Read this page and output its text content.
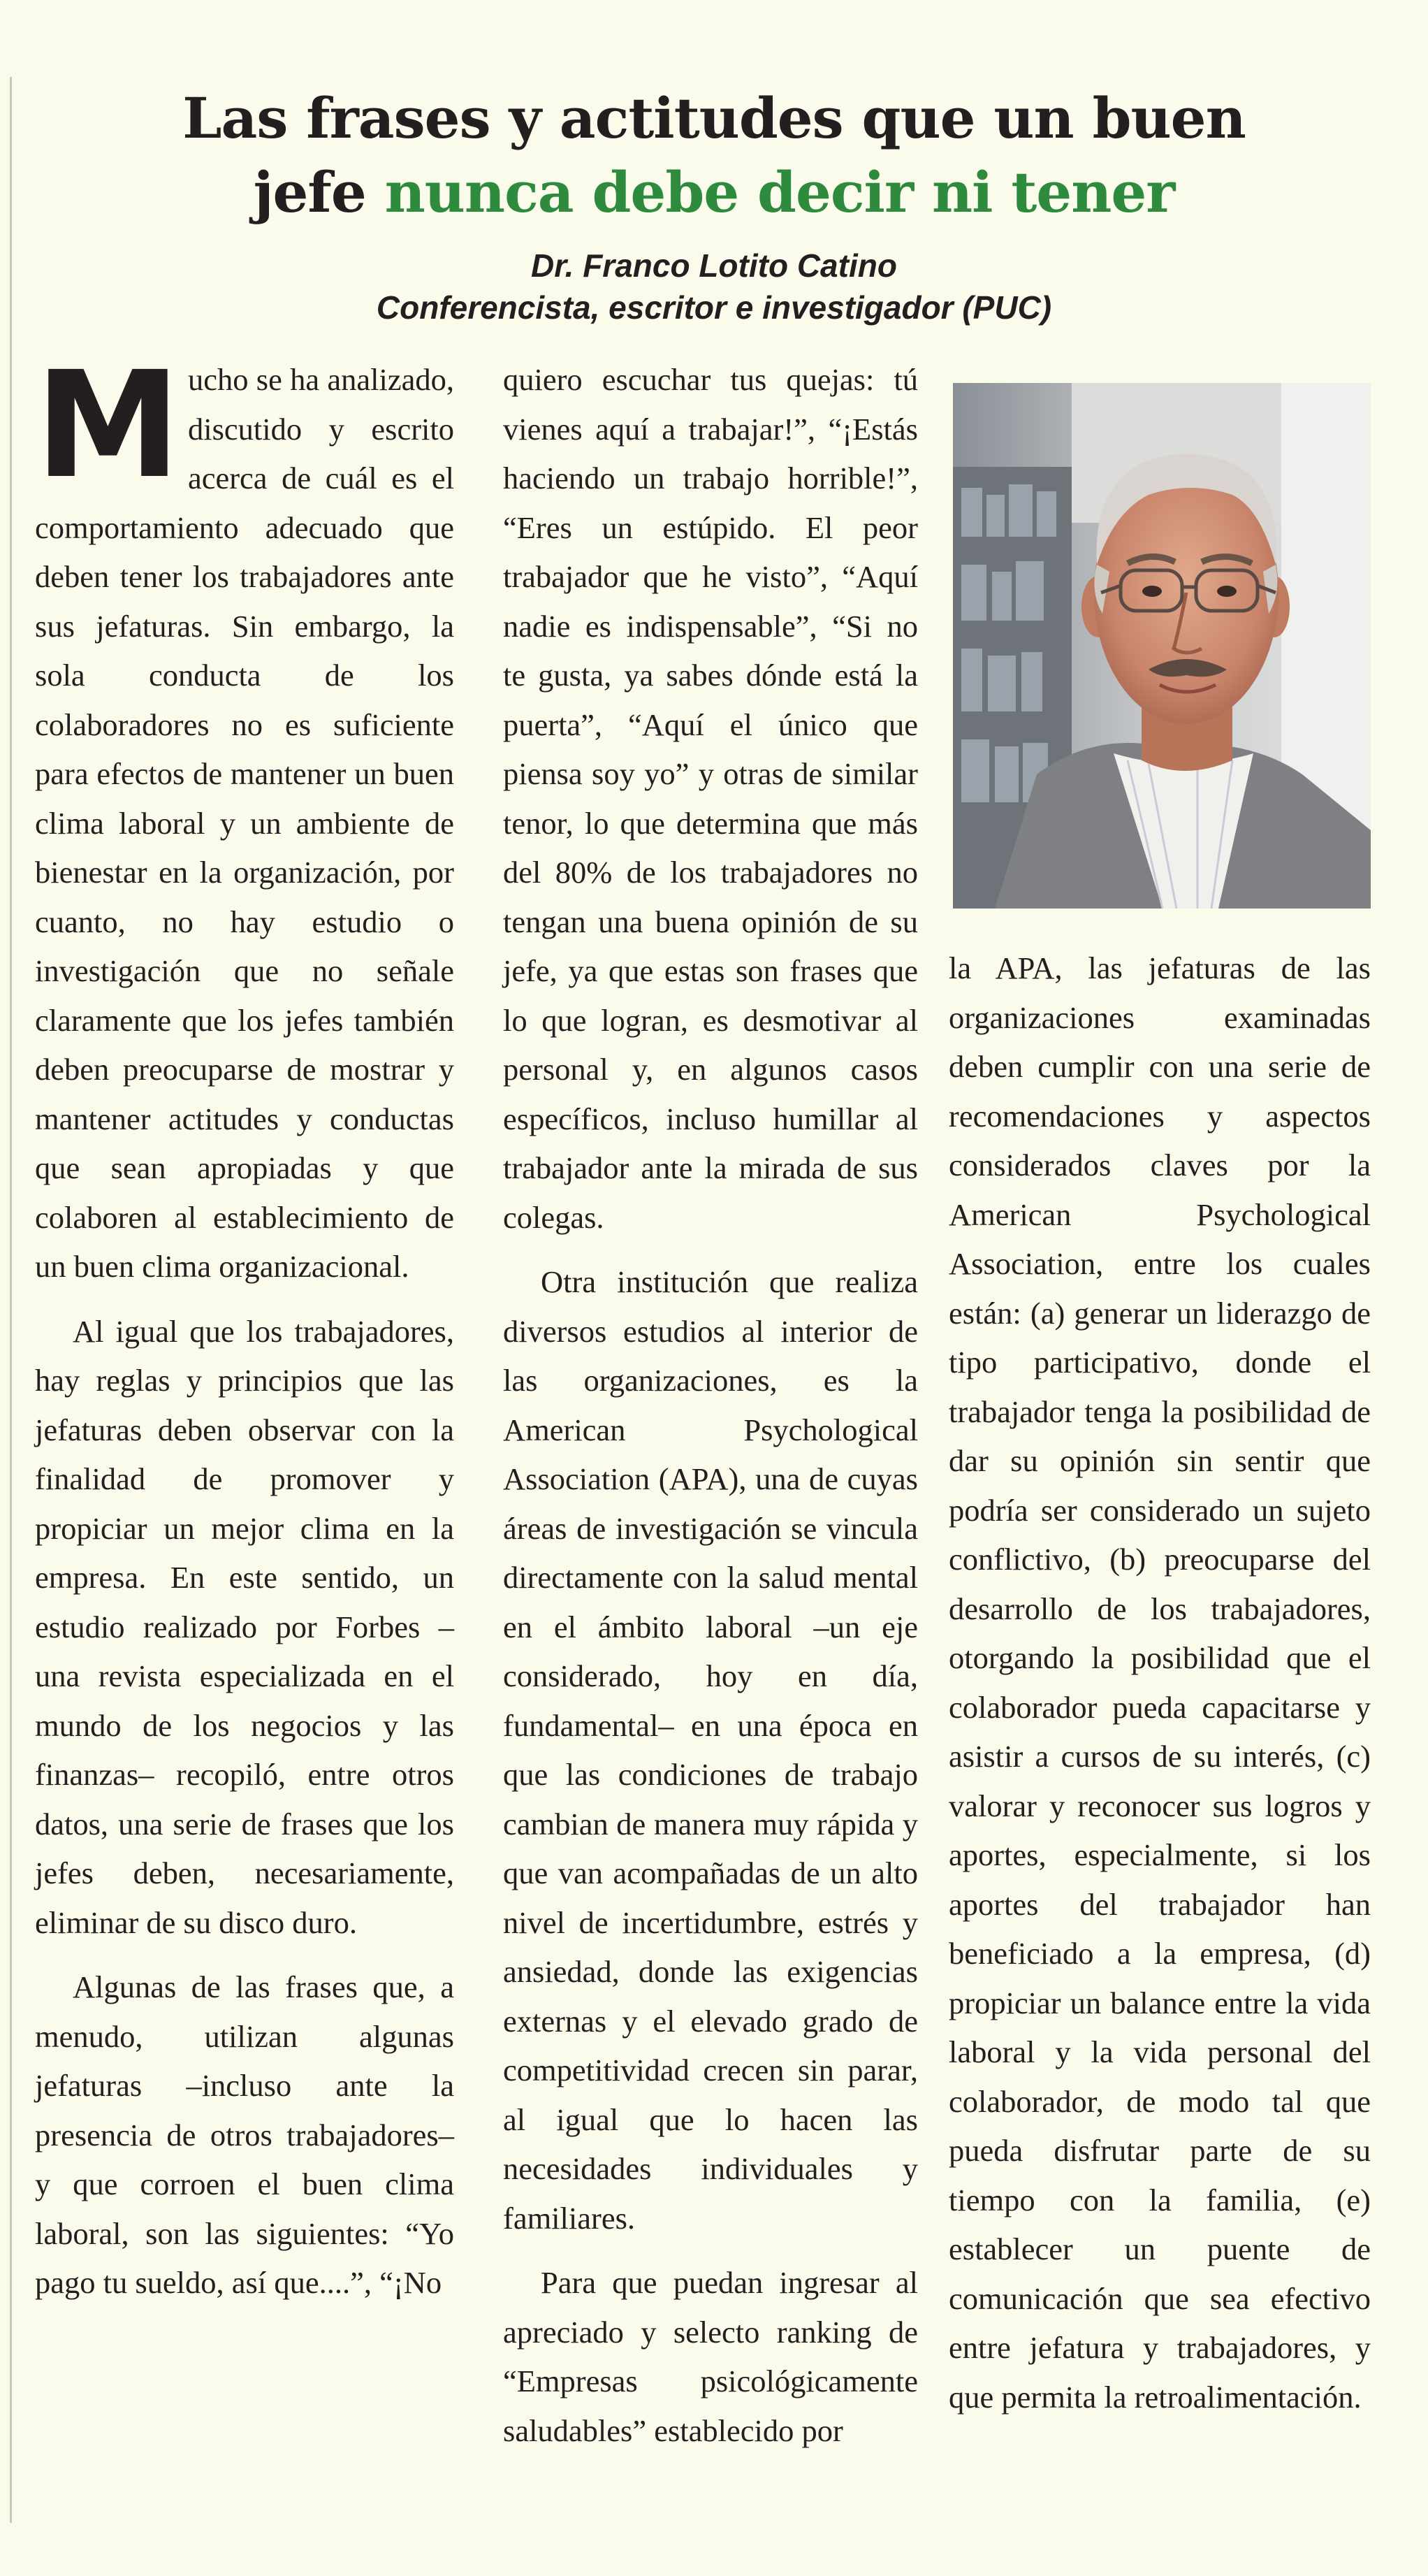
Las frases y actitudes que un buen
jefe nunca debe decir ni tener
Dr. Franco Lotito Catino
Conferencista, escritor e investigador (PUC)

Mucho se ha analizado, discutido y escrito acerca de cuál es el comportamiento adecuado que deben tener los trabajadores ante sus jefaturas. Sin embargo, la sola conducta de los colaboradores no es suficiente para efectos de mantener un buen clima laboral y un ambiente de bienestar en la organización, por cuanto, no hay estudio o investigación que no señale claramente que los jefes también deben preocuparse de mostrar y mantener actitudes y conductas que sean apropiadas y que colaboren al establecimiento de un buen clima organizacional.

Al igual que los trabajadores, hay reglas y principios que las jefaturas deben observar con la finalidad de promover y propiciar un mejor clima en la empresa. En este sentido, un estudio realizado por Forbes –una revista especializada en el mundo de los negocios y las finanzas– recopiló, entre otros datos, una serie de frases que los jefes deben, necesariamente, eliminar de su disco duro.

Algunas de las frases que, a menudo, utilizan algunas jefaturas –incluso ante la presencia de otros trabajadores– y que corroen el buen clima laboral, son las siguientes: “Yo pago tu sueldo, así que....”, “¡No

quiero escuchar tus quejas: tú vienes aquí a trabajar!”, “¡Estás haciendo un trabajo horrible!”, “Eres un estúpido. El peor trabajador que he visto”, “Aquí nadie es indispensable”, “Si no te gusta, ya sabes dónde está la puerta”, “Aquí el único que piensa soy yo” y otras de similar tenor, lo que determina que más del 80% de los trabajadores no tengan una buena opinión de su jefe, ya que estas son frases que lo que logran, es desmotivar al personal y, en algunos casos específicos, incluso humillar al trabajador ante la mirada de sus colegas.

Otra institución que realiza diversos estudios al interior de las organizaciones, es la American Psychological Association (APA), una de cuyas áreas de investigación se vincula directamente con la salud mental en el ámbito laboral –un eje considerado, hoy en día, fundamental– en una época en que las condiciones de trabajo cambian de manera muy rápida y que van acompañadas de un alto nivel de incertidumbre, estrés y ansiedad, donde las exigencias externas y el elevado grado de competitividad crecen sin parar, al igual que lo hacen las necesidades individuales y familiares.

Para que puedan ingresar al apreciado y selecto ranking de “Empresas psicológicamente saludables” establecido por

la APA, las jefaturas de las organizaciones examinadas deben cumplir con una serie de recomendaciones y aspectos considerados claves por la American Psychological Association, entre los cuales están: (a) generar un liderazgo de tipo participativo, donde el trabajador tenga la posibilidad de dar su opinión sin sentir que podría ser considerado un sujeto conflictivo, (b) preocuparse del desarrollo de los trabajadores, otorgando la posibilidad que el colaborador pueda capacitarse y asistir a cursos de su interés, (c) valorar y reconocer sus logros y aportes, especialmente, si los aportes del trabajador han beneficiado a la empresa, (d) propiciar un balance entre la vida laboral y la vida personal del colaborador, de modo tal que pueda disfrutar parte de su tiempo con la familia, (e) establecer un puente de comunicación que sea efectivo entre jefatura y trabajadores, y que permita la retroalimentación.
